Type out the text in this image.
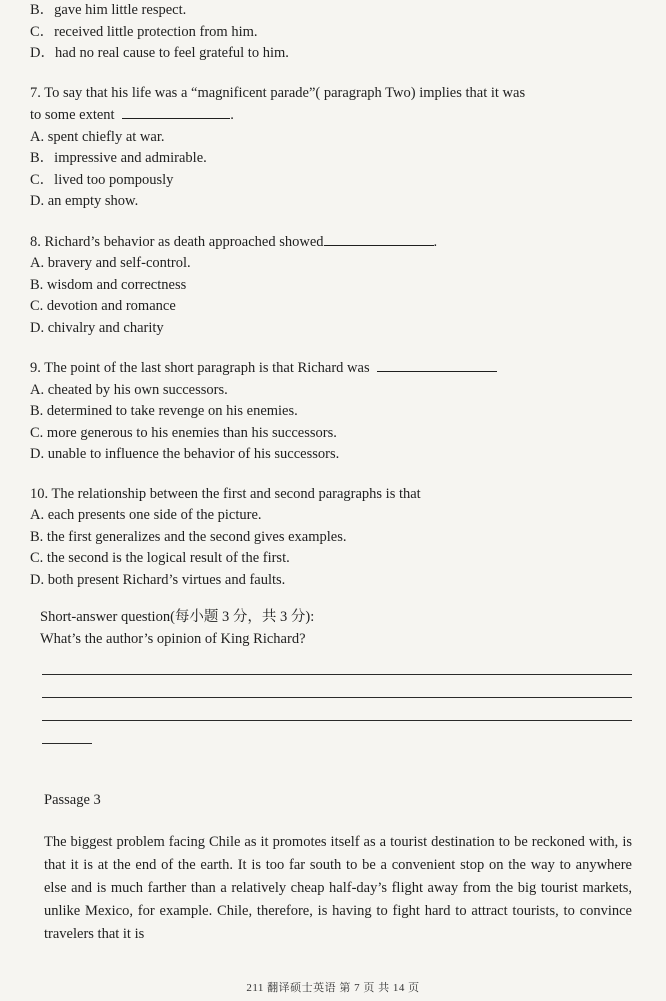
B．gave him little respect.
C．received little protection from him.
D．had no real cause to feel grateful to him.
7. To say that his life was a “magnificent parade”( paragraph Two) implies that it was
to some extent	.
A. spent chiefly at war.
B．impressive and admirable.
C．lived too pompously
D. an empty show.
8. Richard’s behavior as death approached showed	.
A. bravery and self-control.
B. wisdom and correctness
C. devotion and romance
D. chivalry and charity
9. The point of the last short paragraph is that Richard was
A. cheated by his own successors.
B. determined to take revenge on his enemies.
C. more generous to his enemies than his successors.
D. unable to influence the behavior of his successors.
10. The relationship between the first and second paragraphs is that
A. each presents one side of the picture.
B. the first generalizes and the second gives examples.
C. the second is the logical result of the first.
D. both present Richard’s virtues and faults.
Short-answer question(每小题 3 分，共 3 分):
What’s the author’s opinion of King Richard?
Passage 3

The biggest problem facing Chile as it promotes itself as a tourist destination to be reckoned with, is that it is at the end of the earth. It is too far south to be a convenient stop on the way to anywhere else and is much farther than a relatively cheap half-day’s flight away from the big tourist markets, unlike Mexico, for example. Chile, therefore, is having to fight hard to attract tourists, to convince travelers that it is

211 翻译硕士英语 第 7 页 共 14 页
